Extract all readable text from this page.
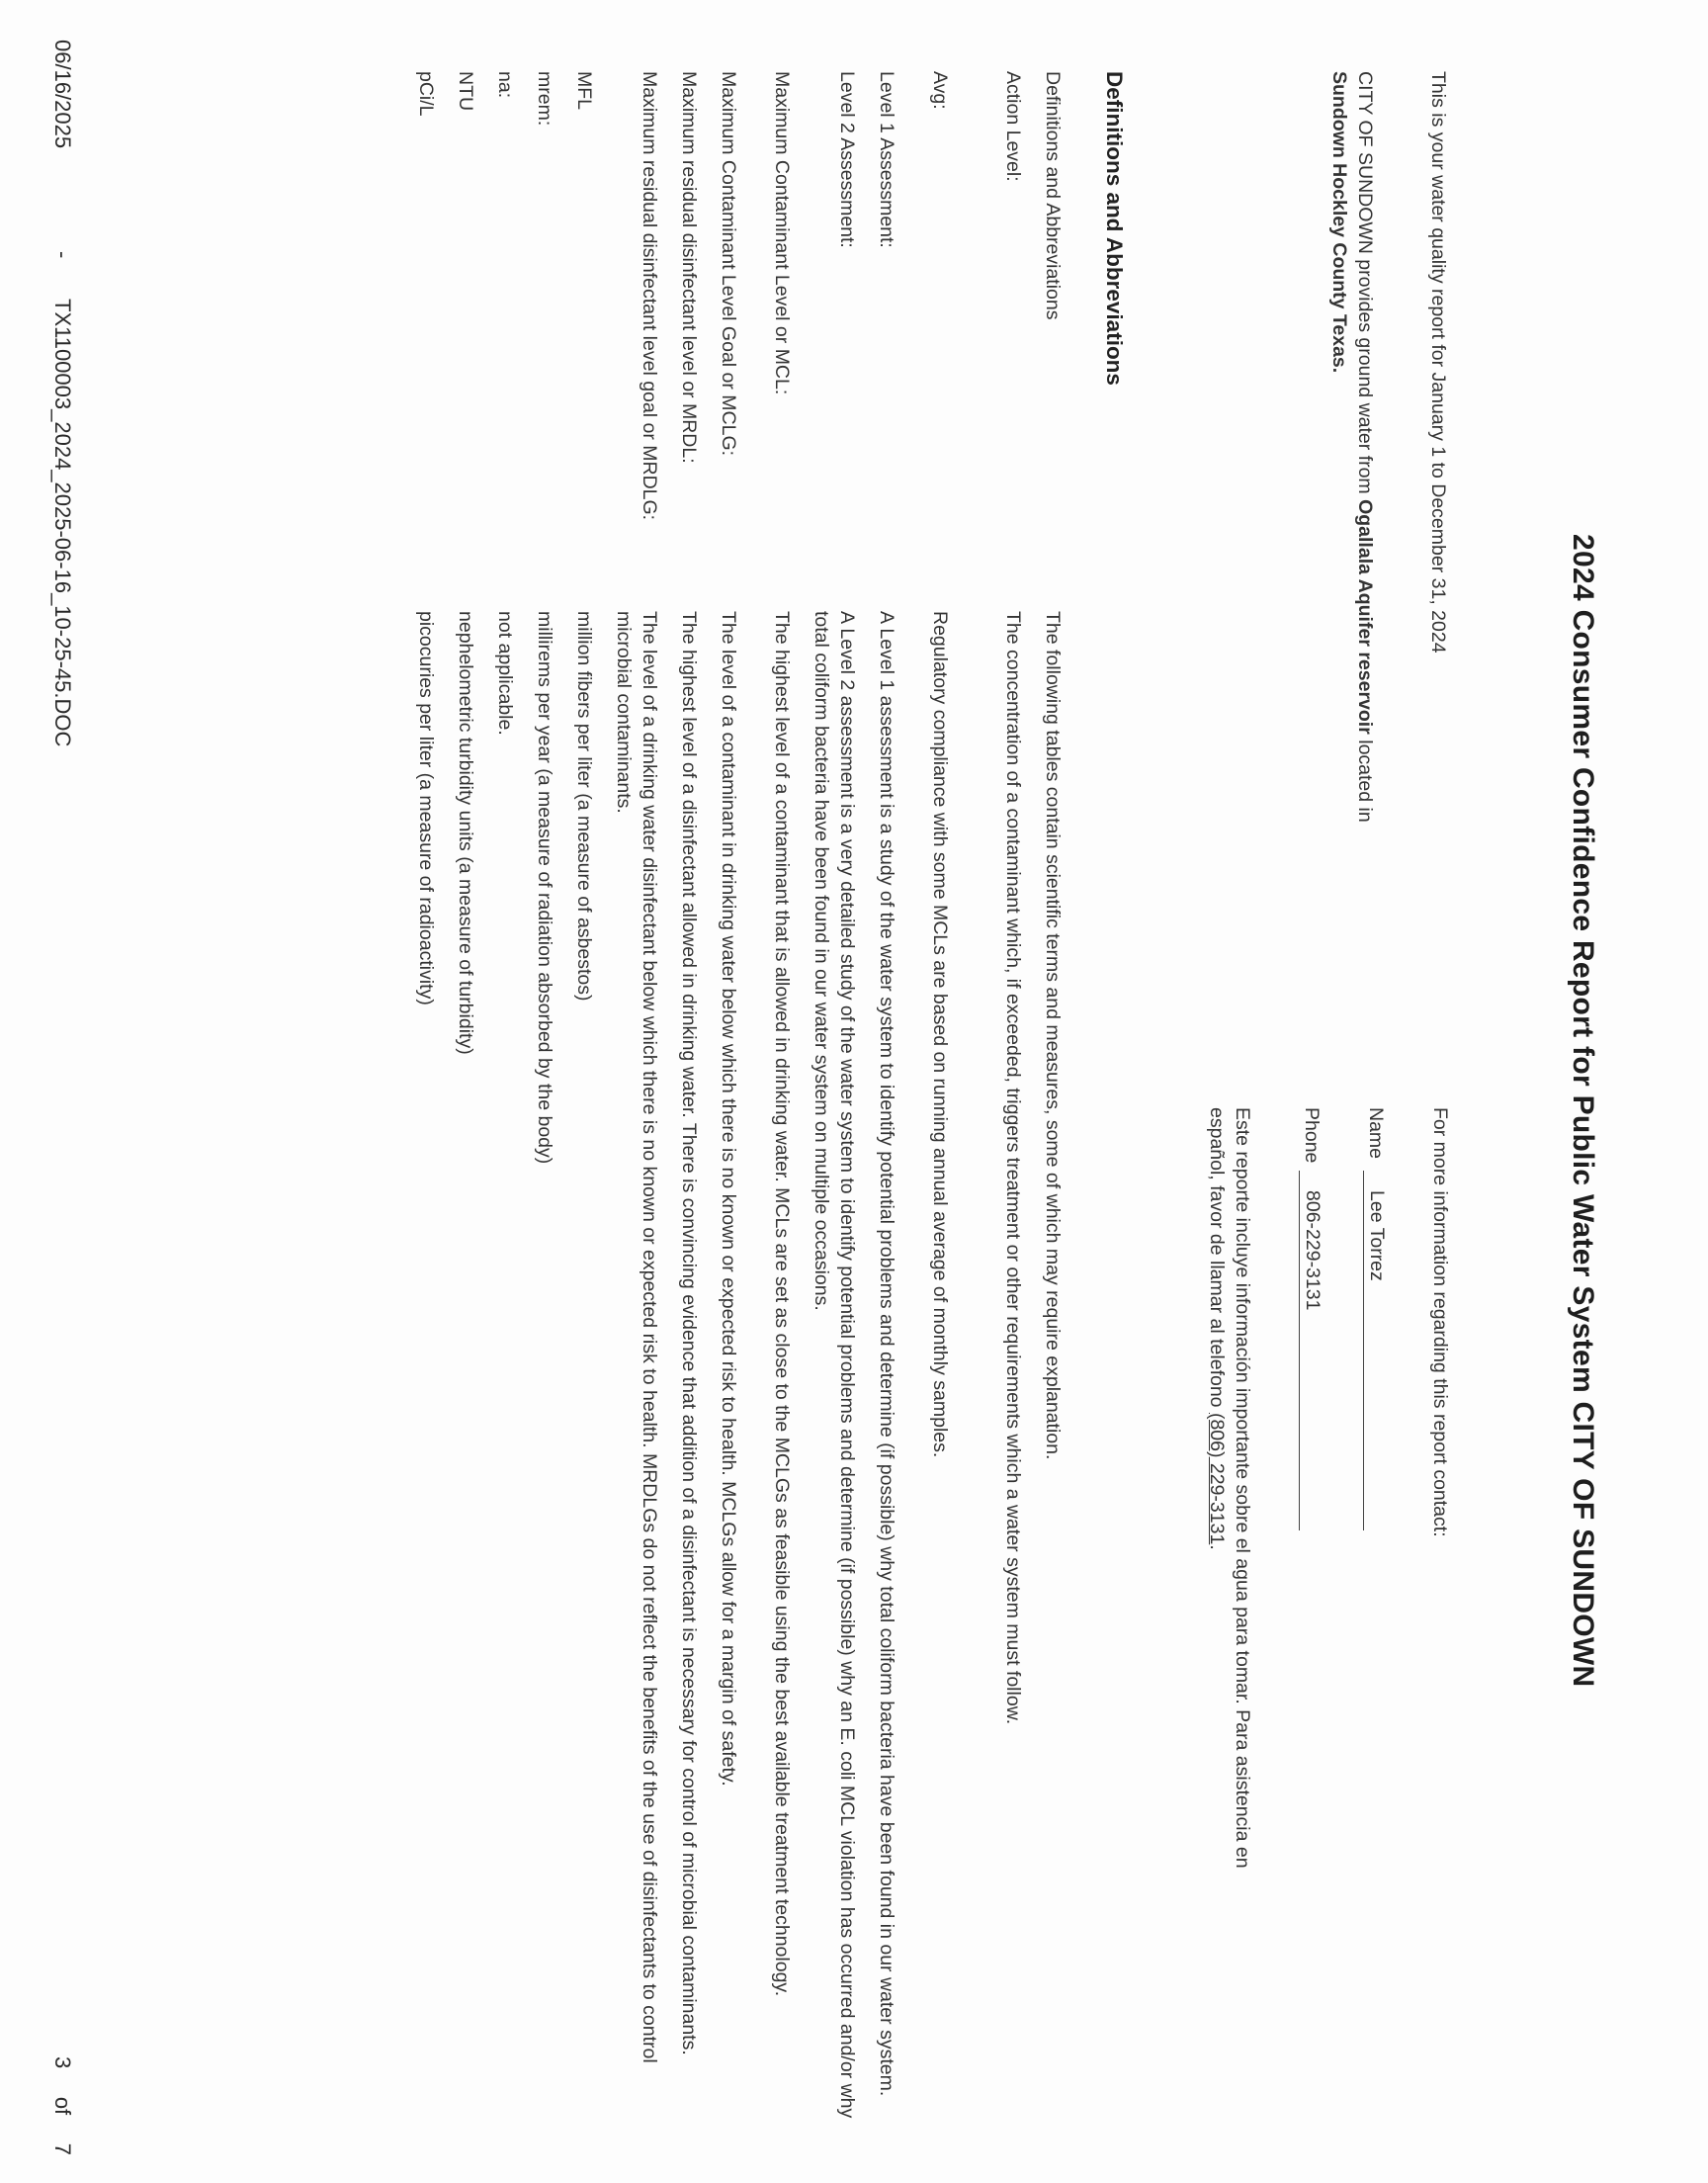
2024 Consumer Confidence Report for Public Water System CITY OF SUNDOWN
This is your water quality report for January 1 to December 31, 2024
CITY OF SUNDOWN provides ground water from Ogallala Aquifer reservoir located in
Sundown Hockley County Texas.
For more information regarding this report contact:
Name
Lee Torrez
Phone
806-229-3131
Este reporte incluye información importante sobre el agua para tomar. Para asistencia en español, favor de llamar al telefono (806) 229-3131.
Definitions and Abbreviations
Definitions and Abbreviations
The following tables contain scientific terms and measures, some of which may require explanation.
Action Level:
The concentration of a contaminant which, if exceeded, triggers treatment or other requirements which a water system must follow.
Avg:
Regulatory compliance with some MCLs are based on running annual average of monthly samples.
Level 1 Assessment:
A Level 1 assessment is a study of the water system to identify potential problems and determine (if possible) why total coliform bacteria have been found in our water system.
Level 2 Assessment:
A Level 2 assessment is a very detailed study of the water system to identify potential problems and determine (if possible) why an E. coli MCL violation has occurred and/or why total coliform bacteria have been found in our water system on multiple occasions.
Maximum Contaminant Level or MCL:
The highest level of a contaminant that is allowed in drinking water. MCLs are set as close to the MCLGs as feasible using the best available treatment technology.
Maximum Contaminant Level Goal or MCLG:
The level of a contaminant in drinking water below which there is no known or expected risk to health. MCLGs allow for a margin of safety.
Maximum residual disinfectant level or MRDL:
The highest level of a disinfectant allowed in drinking water. There is convincing evidence that addition of a disinfectant is necessary for control of microbial contaminants.
Maximum residual disinfectant level goal or MRDLG:
The level of a drinking water disinfectant below which there is no known or expected risk to health. MRDLGs do not reflect the benefits of the use of disinfectants to control microbial contaminants.
MFL
million fibers per liter (a measure of asbestos)
mrem:
millirems per year (a measure of radiation absorbed by the body)
na:
not applicable.
NTU
nephelometric turbidity units (a measure of turbidity)
pCi/L
picocuries per liter (a measure of radioactivity)
06/16/2025
-
TX1100003_2024_2025-06-16_10-25-45.DOC
3
of
7
